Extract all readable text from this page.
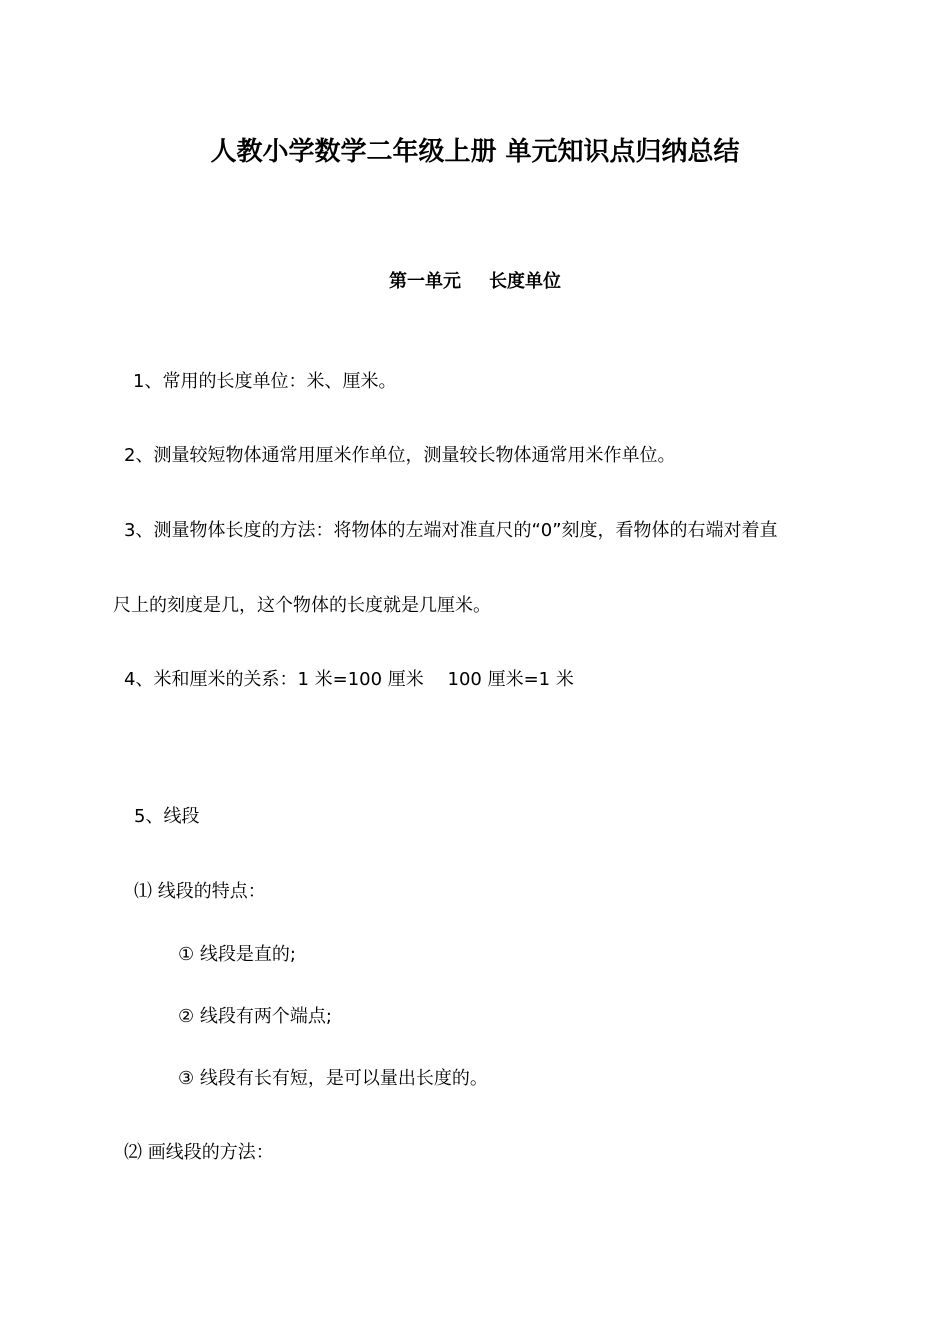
人教小学数学二年级上册 单元知识点归纳总结
第一单元 长度单位
1、常用的长度单位：米、厘米。
2、测量较短物体通常用厘米作单位，测量较长物体通常用米作单位。
3、测量物体长度的方法：将物体的左端对准直尺的“0”刻度，看物体的右端对着直
尺上的刻度是几，这个物体的长度就是几厘米。
4、米和厘米的关系：1 米=100 厘米　 100 厘米=1 米
5、线段
⑴ 线段的特点：
① 线段是直的;
② 线段有两个端点;
③ 线段有长有短，是可以量出长度的。
⑵ 画线段的方法：
